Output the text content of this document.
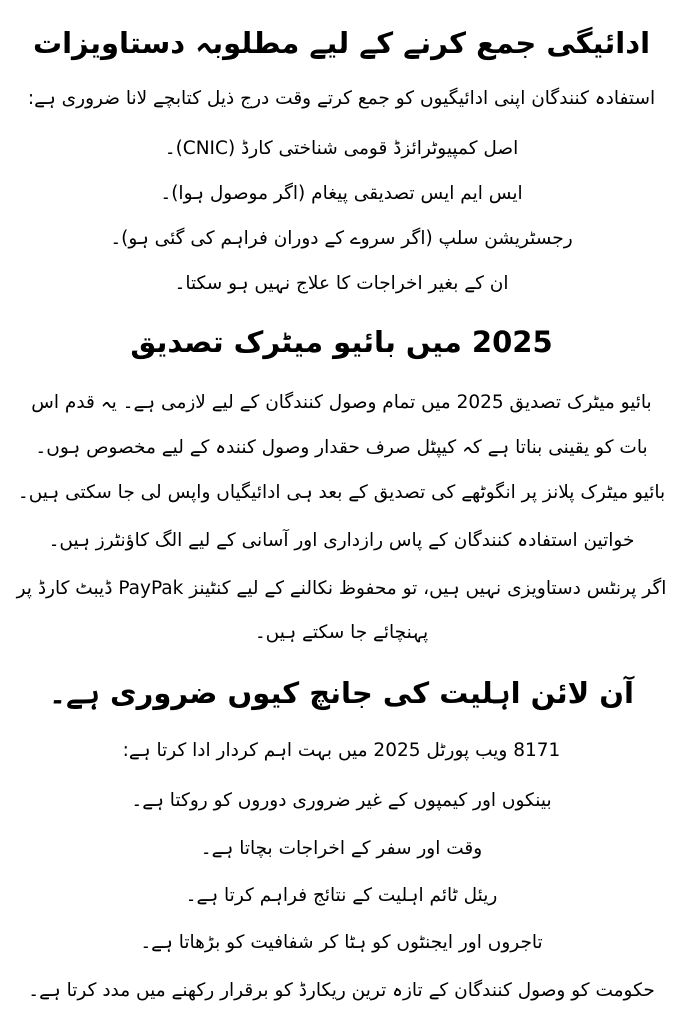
ادائیگی جمع کرنے کے لیے مطلوبہ دستاویزات
استفادہ کنندگان اپنی ادائیگیوں کو جمع کرتے وقت درج ذیل کتابچے لانا ضروری ہے:
اصل کمپیوٹرائزڈ قومی شناختی کارڈ (CNIC)۔
ایس ایم ایس تصدیقی پیغام (اگر موصول ہوا)۔
رجسٹریشن سلپ (اگر سروے کے دوران فراہم کی گئی ہو)۔
ان کے بغیر اخراجات کا علاج نہیں ہو سکتا۔
2025 میں بائیو میٹرک تصدیق
بائیو میٹرک تصدیق 2025 میں تمام وصول کنندگان کے لیے لازمی ہے۔ یہ قدم اس
بات کو یقینی بناتا ہے کہ کیپٹل صرف حقدار وصول کنندہ کے لیے مخصوص ہوں۔
بائیو میٹرک پلانز پر انگوٹھے کی تصدیق کے بعد ہی ادائیگیاں واپس لی جا سکتی ہیں۔
خواتین استفادہ کنندگان کے پاس رازداری اور آسانی کے لیے الگ کاؤنٹرز ہیں۔
اگر پرنٹس دستاویزی نہیں ہیں، تو محفوظ نکالنے کے لیے کنٹینز PayPak ڈیبٹ کارڈ پر
پہنچائے جا سکتے ہیں۔
آن لائن اہلیت کی جانچ کیوں ضروری ہے۔
8171 ویب پورٹل 2025 میں بہت اہم کردار ادا کرتا ہے:
بینکوں اور کیمپوں کے غیر ضروری دوروں کو روکتا ہے۔
وقت اور سفر کے اخراجات بچاتا ہے۔
ریئل ٹائم اہلیت کے نتائج فراہم کرتا ہے۔
تاجروں اور ایجنٹوں کو ہٹا کر شفافیت کو بڑھاتا ہے۔
حکومت کو وصول کنندگان کے تازہ ترین ریکارڈ کو برقرار رکھنے میں مدد کرتا ہے۔
